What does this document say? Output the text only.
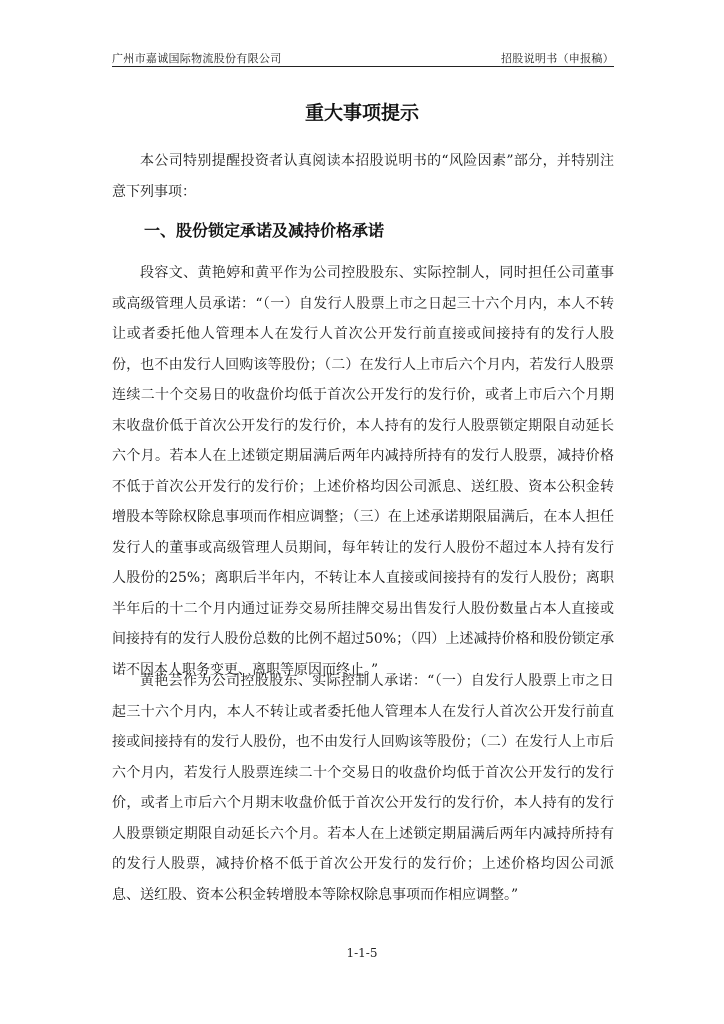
广州市嘉诚国际物流股份有限公司	招股说明书（申报稿）
重大事项提示

本公司特别提醒投资者认真阅读本招股说明书的“风险因素”部分，并特别注意下列事项：

一、股份锁定承诺及减持价格承诺

段容文、黄艳婷和黄平作为公司控股股东、实际控制人，同时担任公司董事或高级管理人员承诺：“（一）自发行人股票上市之日起三十六个月内，本人不转让或者委托他人管理本人在发行人首次公开发行前直接或间接持有的发行人股份，也不由发行人回购该等股份；（二）在发行人上市后六个月内，若发行人股票连续二十个交易日的收盘价均低于首次公开发行的发行价，或者上市后六个月期末收盘价低于首次公开发行的发行价，本人持有的发行人股票锁定期限自动延长六个月。若本人在上述锁定期届满后两年内减持所持有的发行人股票，减持价格不低于首次公开发行的发行价；上述价格均因公司派息、送红股、资本公积金转增股本等除权除息事项而作相应调整；（三）在上述承诺期限届满后，在本人担任发行人的董事或高级管理人员期间，每年转让的发行人股份不超过本人持有发行人股份的25%；离职后半年内，不转让本人直接或间接持有的发行人股份；离职半年后的十二个月内通过证券交易所挂牌交易出售发行人股份数量占本人直接或间接持有的发行人股份总数的比例不超过50%；（四）上述减持价格和股份锁定承诺不因本人职务变更、离职等原因而终止。”

黄艳芸作为公司控股股东、实际控制人承诺：“（一）自发行人股票上市之日起三十六个月内，本人不转让或者委托他人管理本人在发行人首次公开发行前直接或间接持有的发行人股份，也不由发行人回购该等股份；（二）在发行人上市后六个月内，若发行人股票连续二十个交易日的收盘价均低于首次公开发行的发行价，或者上市后六个月期末收盘价低于首次公开发行的发行价，本人持有的发行人股票锁定期限自动延长六个月。若本人在上述锁定期届满后两年内减持所持有的发行人股票，减持价格不低于首次公开发行的发行价；上述价格均因公司派息、送红股、资本公积金转增股本等除权除息事项而作相应调整。”

1-1-5
